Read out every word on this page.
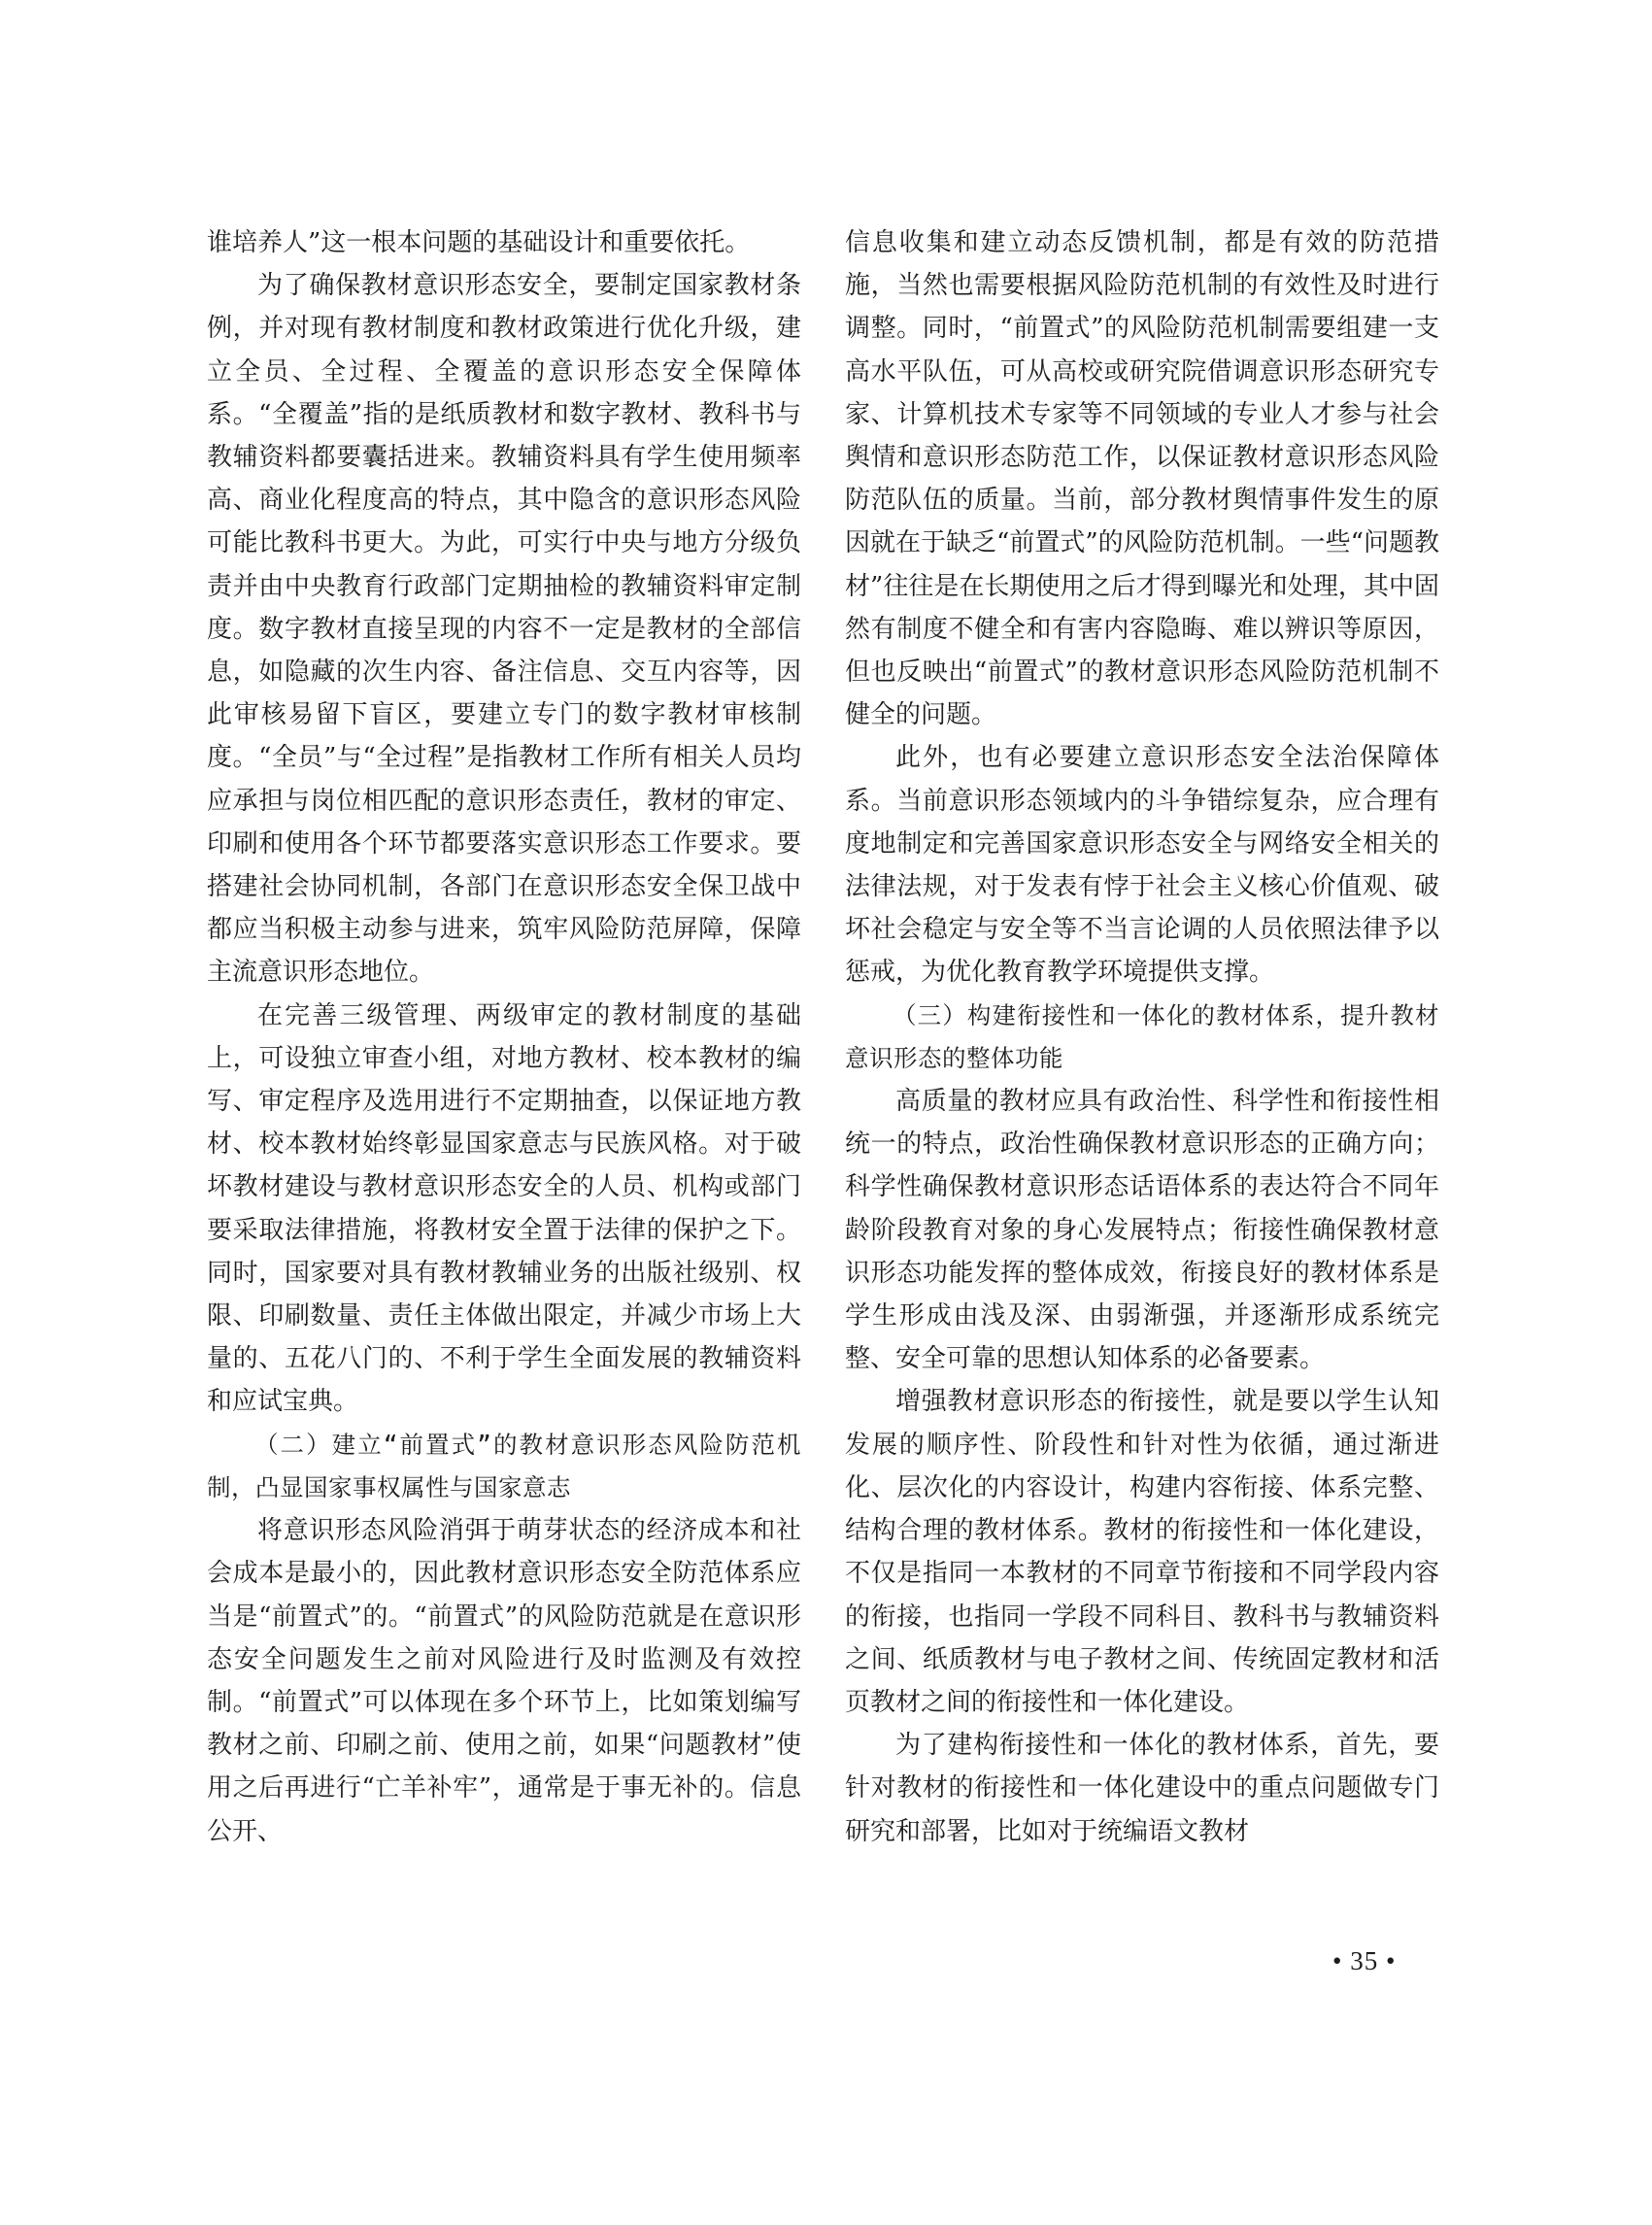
谁培养人”这一根本问题的基础设计和重要依托。

为了确保教材意识形态安全，要制定国家教材条例，并对现有教材制度和教材政策进行优化升级，建立全员、全过程、全覆盖的意识形态安全保障体系。“全覆盖”指的是纸质教材和数字教材、教科书与教辅资料都要囊括进来。教辅资料具有学生使用频率高、商业化程度高的特点，其中隐含的意识形态风险可能比教科书更大。为此，可实行中央与地方分级负责并由中央教育行政部门定期抽检的教辅资料审定制度。数字教材直接呈现的内容不一定是教材的全部信息，如隐藏的次生内容、备注信息、交互内容等，因此审核易留下盲区，要建立专门的数字教材审核制度。“全员”与“全过程”是指教材工作所有相关人员均应承担与岗位相匹配的意识形态责任，教材的审定、印刷和使用各个环节都要落实意识形态工作要求。要搭建社会协同机制，各部门在意识形态安全保卫战中都应当积极主动参与进来，筑牢风险防范屏障，保障主流意识形态地位。

在完善三级管理、两级审定的教材制度的基础上，可设独立审查小组，对地方教材、校本教材的编写、审定程序及选用进行不定期抽查，以保证地方教材、校本教材始终彰显国家意志与民族风格。对于破坏教材建设与教材意识形态安全的人员、机构或部门要采取法律措施，将教材安全置于法律的保护之下。同时，国家要对具有教材教辅业务的出版社级别、权限、印刷数量、责任主体做出限定，并减少市场上大量的、五花八门的、不利于学生全面发展的教辅资料和应试宝典。

（二）建立“前置式”的教材意识形态风险防范机制，凸显国家事权属性与国家意志

将意识形态风险消弭于萌芽状态的经济成本和社会成本是最小的，因此教材意识形态安全防范体系应当是“前置式”的。“前置式”的风险防范就是在意识形态安全问题发生之前对风险进行及时监测及有效控制。“前置式”可以体现在多个环节上，比如策划编写教材之前、印刷之前、使用之前，如果“问题教材”使用之后再进行“亡羊补牢”，通常是于事无补的。信息公开、

信息收集和建立动态反馈机制，都是有效的防范措施，当然也需要根据风险防范机制的有效性及时进行调整。同时，“前置式”的风险防范机制需要组建一支高水平队伍，可从高校或研究院借调意识形态研究专家、计算机技术专家等不同领域的专业人才参与社会舆情和意识形态防范工作，以保证教材意识形态风险防范队伍的质量。当前，部分教材舆情事件发生的原因就在于缺乏“前置式”的风险防范机制。一些“问题教材”往往是在长期使用之后才得到曝光和处理，其中固然有制度不健全和有害内容隐晦、难以辨识等原因，但也反映出“前置式”的教材意识形态风险防范机制不健全的问题。

此外，也有必要建立意识形态安全法治保障体系。当前意识形态领域内的斗争错综复杂，应合理有度地制定和完善国家意识形态安全与网络安全相关的法律法规，对于发表有悖于社会主义核心价值观、破坏社会稳定与安全等不当言论调的人员依照法律予以惩戒，为优化教育教学环境提供支撑。

（三）构建衔接性和一体化的教材体系，提升教材意识形态的整体功能

高质量的教材应具有政治性、科学性和衔接性相统一的特点，政治性确保教材意识形态的正确方向；科学性确保教材意识形态话语体系的表达符合不同年龄阶段教育对象的身心发展特点；衔接性确保教材意识形态功能发挥的整体成效，衔接良好的教材体系是学生形成由浅及深、由弱渐强，并逐渐形成系统完整、安全可靠的思想认知体系的必备要素。

增强教材意识形态的衔接性，就是要以学生认知发展的顺序性、阶段性和针对性为依循，通过渐进化、层次化的内容设计，构建内容衔接、体系完整、结构合理的教材体系。教材的衔接性和一体化建设，不仅是指同一本教材的不同章节衔接和不同学段内容的衔接，也指同一学段不同科目、教科书与教辅资料之间、纸质教材与电子教材之间、传统固定教材和活页教材之间的衔接性和一体化建设。

为了建构衔接性和一体化的教材体系，首先，要针对教材的衔接性和一体化建设中的重点问题做专门研究和部署，比如对于统编语文教材

• 35 •
